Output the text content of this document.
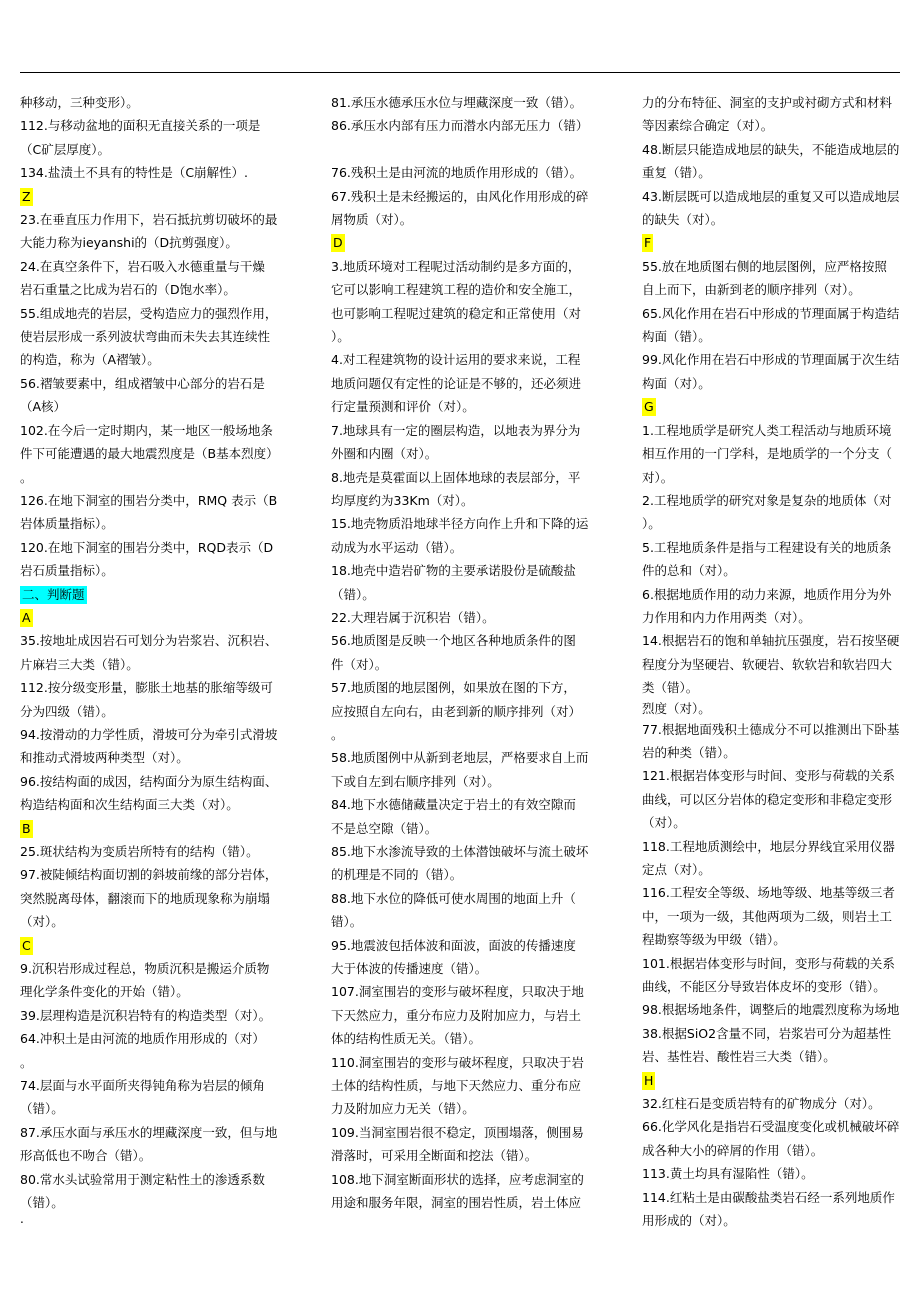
种移动，三种变形）。

112.与移动盆地的面积无直接关系的一项是

（C矿层厚度）。

134.盐渍土不具有的特性是（C崩解性）.

Z

23.在垂直压力作用下，岩石抵抗剪切破坏的最

大能力称为ieyanshi的（D抗剪强度）。

24.在真空条件下，岩石吸入水德重量与干燥

岩石重量之比成为岩石的（D饱水率）。

55.组成地壳的岩层，受构造应力的强烈作用，

使岩层形成一系列波状弯曲而未失去其连续性

的构造，称为（A褶皱）。

56.褶皱要素中，组成褶皱中心部分的岩石是

（A核）

102.在今后一定时期内，某一地区一般场地条

件下可能遭遇的最大地震烈度是（B基本烈度）

。

126.在地下洞室的围岩分类中，RMQ 表示（B

岩体质量指标）。

120.在地下洞室的围岩分类中，RQD表示（D

岩石质量指标）。

二、判断题

A

35.按地址成因岩石可划分为岩浆岩、沉积岩、

片麻岩三大类（错）。

112.按分级变形量，膨胀土地基的胀缩等级可

分为四级（错）。

94.按滑动的力学性质，滑坡可分为牵引式滑坡

和推动式滑坡两种类型（对）。

96.按结构面的成因，结构面分为原生结构面、

构造结构面和次生结构面三大类（对）。

B

25.斑状结构为变质岩所特有的结构（错）。

97.被陡倾结构面切割的斜坡前缘的部分岩体，

突然脱离母体，翻滚而下的地质现象称为崩塌

（对）。

C

9.沉积岩形成过程总，物质沉积是搬运介质物

理化学条件变化的开始（错）。

39.层理构造是沉积岩特有的构造类型（对）。

64.冲积土是由河流的地质作用形成的（对）

。

74.层面与水平面所夹得钝角称为岩层的倾角

（错）。

87.承压水面与承压水的埋藏深度一致，但与地

形高低也不吻合（错）。

80.常水头试验常用于测定粘性土的渗透系数

（错）。

81.承压水德承压水位与埋藏深度一致（错）。

86.承压水内部有压力而潜水内部无压力（错）

76.残积土是由河流的地质作用形成的（错）。

67.残积土是未经搬运的，由风化作用形成的碎

屑物质（对）。

D

3.地质环境对工程呢过活动制约是多方面的，

它可以影响工程建筑工程的造价和安全施工，

也可影响工程呢过建筑的稳定和正常使用（对

）。

4.对工程建筑物的设计运用的要求来说，工程

地质问题仅有定性的论证是不够的，还必须进

行定量预测和评价（对）。

7.地球具有一定的圈层构造，以地表为界分为

外圈和内圈（对）。

8.地壳是莫霍面以上固体地球的表层部分，平

均厚度约为33Km（对）。

15.地壳物质沿地球半径方向作上升和下降的运

动成为水平运动（错）。

18.地壳中造岩矿物的主要承诺股份是硫酸盐

（错）。

22.大理岩属于沉积岩（错）。

56.地质图是反映一个地区各种地质条件的图

件（对）。

57.地质图的地层图例，如果放在图的下方，

应按照自左向右，由老到新的顺序排列（对）

。

58.地质图例中从新到老地层，严格要求自上而

下或自左到右顺序排列（对）。

84.地下水德储藏量决定于岩土的有效空隙而

不是总空隙（错）。

85.地下水渗流导致的土体潜蚀破坏与流土破坏

的机理是不同的（错）。

88.地下水位的降低可使水周围的地面上升（

错）。

95.地震波包括体波和面波，面波的传播速度

大于体波的传播速度（错）。

107.洞室围岩的变形与破坏程度，只取决于地

下天然应力，重分布应力及附加应力，与岩土

体的结构性质无关。（错）。

110.洞室围岩的变形与破坏程度，只取决于岩

土体的结构性质，与地下天然应力、重分布应

力及附加应力无关（错）。

109.当洞室围岩很不稳定，顶围塌落，侧围易

滑落时，可采用全断面和挖法（错）。

108.地下洞室断面形状的选择，应考虑洞室的

用途和服务年限，洞室的围岩性质，岩土体应

力的分布特征、洞室的支护或衬砌方式和材料

等因素综合确定（对）。

48.断层只能造成地层的缺失，不能造成地层的

重复（错）。

43.断层既可以造成地层的重复又可以造成地层

的缺失（对）。

F

55.放在地质图右侧的地层图例，应严格按照

自上而下，由新到老的顺序排列（对）。

65.风化作用在岩石中形成的节理面属于构造结

构面（错）。

99.风化作用在岩石中形成的节理面属于次生结

构面（对）。

G

1.工程地质学是研究人类工程活动与地质环境

相互作用的一门学科，是地质学的一个分支（

对）。

2.工程地质学的研究对象是复杂的地质体（对

）。

5.工程地质条件是指与工程建设有关的地质条

件的总和（对）。

6.根据地质作用的动力来源，地质作用分为外

力作用和内力作用两类（对）。

14.根据岩石的饱和单轴抗压强度，岩石按坚硬

程度分为坚硬岩、软硬岩、软软岩和软岩四大

类（错）。

烈度（对）。

77.根据地面残积土德成分不可以推测出下卧基

岩的种类（错）。

121.根据岩体变形与时间、变形与荷载的关系

曲线，可以区分岩体的稳定变形和非稳定变形

（对）。

118.工程地质测绘中，地层分界线宜采用仪器

定点（对）。

116.工程安全等级、场地等级、地基等级三者

中，一项为一级，其他两项为二级，则岩土工

程勘察等级为甲级（错）。

101.根据岩体变形与时间，变形与荷载的关系

曲线，不能区分导致岩体皮坏的变形（错）。

98.根据场地条件，调整后的地震烈度称为场地

38.根据SiO2含量不同，岩浆岩可分为超基性

岩、基性岩、酸性岩三大类（错）。

H

32.红柱石是变质岩特有的矿物成分（对）。

66.化学风化是指岩石受温度变化或机械破坏碎

成各种大小的碎屑的作用（错）。

113.黄土均具有湿陷性（错）。

114.红粘土是由碳酸盐类岩石经一系列地质作

用形成的（对）。

.
